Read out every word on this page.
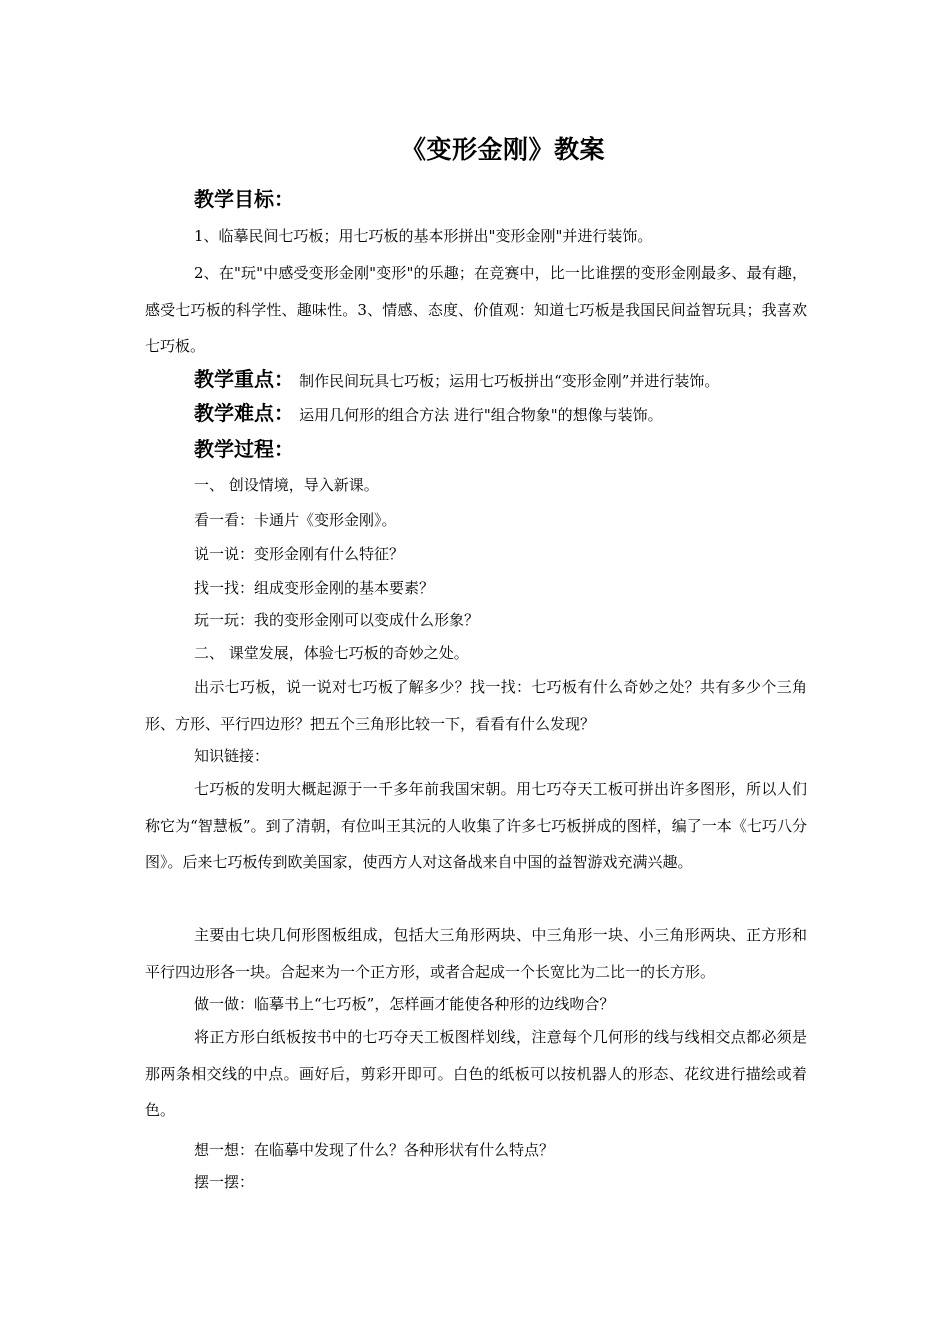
《变形金刚》教案
教学目标：
1、临摹民间七巧板；用七巧板的基本形拼出"变形金刚"并进行装饰。
2、在"玩"中感受变形金刚"变形"的乐趣；在竞赛中，比一比谁摆的变形金刚最多、最有趣，感受七巧板的科学性、趣味性。3、情感、态度、价值观：知道七巧板是我国民间益智玩具；我喜欢七巧板。
教学重点： 制作民间玩具七巧板；运用七巧板拼出“变形金刚”并进行装饰。
教学难点： 运用几何形的组合方法 进行"组合物象"的想像与装饰。
教学过程：
一、 创设情境，导入新课。
看一看：卡通片《变形金刚》。
说一说：变形金刚有什么特征？
找一找：组成变形金刚的基本要素？
玩一玩：我的变形金刚可以变成什么形象？
二、 课堂发展，体验七巧板的奇妙之处。
出示七巧板，说一说对七巧板了解多少？找一找：七巧板有什么奇妙之处？共有多少个三角形、方形、平行四边形？把五个三角形比较一下，看看有什么发现？
知识链接：
七巧板的发明大概起源于一千多年前我国宋朝。用七巧夺天工板可拼出许多图形，所以人们称它为“智慧板”。到了清朝，有位叫王其沅的人收集了许多七巧板拼成的图样，编了一本《七巧八分图》。后来七巧板传到欧美国家，使西方人对这备战来自中国的益智游戏充满兴趣。
主要由七块几何形图板组成，包括大三角形两块、中三角形一块、小三角形两块、正方形和平行四边形各一块。合起来为一个正方形，或者合起成一个长宽比为二比一的长方形。
做一做：临摹书上“七巧板”，怎样画才能使各种形的边线吻合？
将正方形白纸板按书中的七巧夺天工板图样划线，注意每个几何形的线与线相交点都必须是那两条相交线的中点。画好后，剪彩开即可。白色的纸板可以按机器人的形态、花纹进行描绘或着色。
想一想：在临摹中发现了什么？各种形状有什么特点？
摆一摆：
